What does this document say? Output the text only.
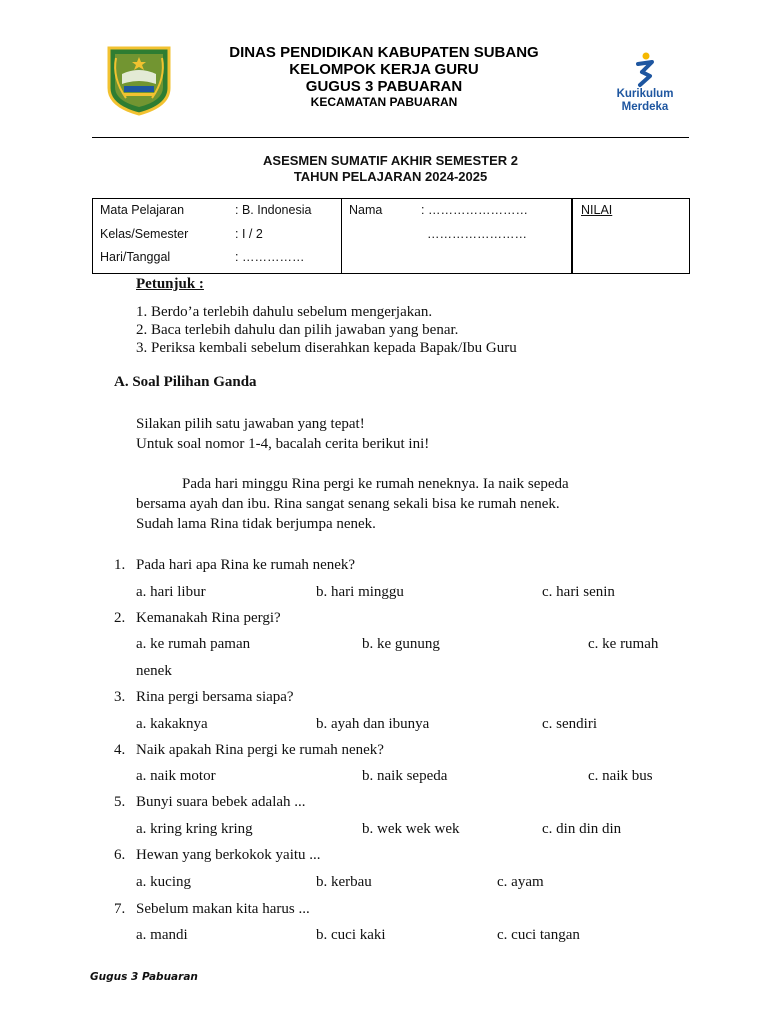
DINAS PENDIDIKAN KABUPATEN SUBANG
KELOMPOK KERJA GURU
GUGUS 3 PABUARAN
KECAMATAN PABUARAN
Kurikulum
Merdeka
ASESMEN SUMATIF AKHIR SEMESTER 2
TAHUN PELAJARAN 2024-2025
Mata Pelajaran	: B. Indonesia
Kelas/Semester	: I / 2
Hari/Tanggal	: ……………
Nama	: ……………………
……………………
NILAI
Petunjuk :
1. Berdo’a terlebih dahulu sebelum mengerjakan.
2. Baca terlebih dahulu dan pilih jawaban yang benar.
3. Periksa kembali sebelum diserahkan kepada Bapak/Ibu Guru
A. Soal Pilihan Ganda
Silakan pilih satu jawaban yang tepat!
Untuk soal nomor 1-4, bacalah cerita berikut ini!
Pada hari minggu Rina pergi ke rumah neneknya. Ia naik sepeda
bersama ayah dan ibu. Rina sangat senang sekali bisa ke rumah nenek.
Sudah lama Rina tidak berjumpa nenek.
1. Pada hari apa Rina ke rumah nenek?
a. hari libur	b. hari minggu	c. hari senin
2. Kemanakah Rina pergi?
a. ke rumah paman	b. ke gunung	c. ke rumah
nenek
3. Rina pergi bersama siapa?
a. kakaknya	b. ayah dan ibunya	c. sendiri
4. Naik apakah Rina pergi ke rumah nenek?
a. naik motor	b. naik sepeda	c. naik bus
5. Bunyi suara bebek adalah ...
a. kring kring kring	b. wek wek wek	c. din din din
6. Hewan yang berkokok yaitu ...
a. kucing	b. kerbau	c. ayam
7. Sebelum makan kita harus ...
a. mandi	b. cuci kaki	c. cuci tangan
Gugus 3 Pabuaran
